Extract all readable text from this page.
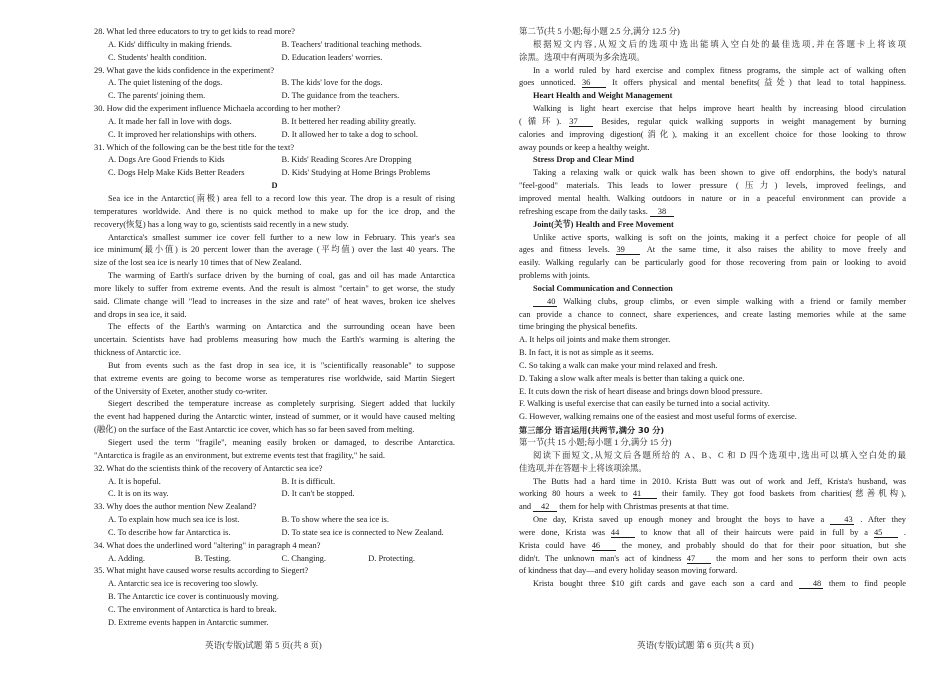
28. What led three educators to try to get kids to read more?
A. Kids' difficulty in making friends.	B. Teachers' traditional teaching methods.
C. Students' health condition.	D. Education leaders' worries.
29. What gave the kids confidence in the experiment?
A. The quiet listening of the dogs.	B. The kids' love for the dogs.
C. The parents' joining them.	D. The guidance from the teachers.
30. How did the experiment influence Michaela according to her mother?
A. It made her fall in love with dogs.	B. It bettered her reading ability greatly.
C. It improved her relationships with others.	D. It allowed her to take a dog to school.
31. Which of the following can be the best title for the text?
A. Dogs Are Good Friends to Kids	B. Kids' Reading Scores Are Dropping
C. Dogs Help Make Kids Better Readers	D. Kids' Studying at Home Brings Problems
D
Sea ice in the Antarctic(南极) area fell to a record low this year. The drop is a result of rising
temperatures worldwide. And there is no quick method to make up for the ice drop, and the
recovery(恢复) has a long way to go, scientists said recently in a new study.
Antarctica's smallest summer ice cover fell further to a new low in February. This year's sea
ice minimum(最小值) is 20 percent lower than the average (平均值) over the last 40 years. The
size of the lost sea ice is nearly 10 times that of New Zealand.
The warming of Earth's surface driven by the burning of coal, gas and oil has made Antarctica
more likely to suffer from extreme events. And the result is almost "certain" to get worse, the study
said. Climate change will "lead to increases in the size and rate" of heat waves, broken ice shelves
and drops in sea ice, it said.
The effects of the Earth's warming on Antarctica and the surrounding ocean have been
uncertain. Scientists have had problems measuring how much the Earth's warming is altering the
thickness of Antarctic ice.
But from events such as the fast drop in sea ice, it is "scientifically reasonable" to suppose
that extreme events are going to become worse as temperatures rise worldwide, said Martin Siegert
of the University of Exeter, another study co-writer.
Siegert described the temperature increase as completely surprising. Siegert added that luckily
the event had happened during the Antarctic winter, instead of summer, or it would have caused melting
(融化) on the surface of the East Antarctic ice cover, which has so far been saved from melting.
Siegert used the term "fragile", meaning easily broken or damaged, to describe Antarctica.
"Antarctica is fragile as an environment, but extreme events test that fragility," he said.
32. What do the scientists think of the recovery of Antarctic sea ice?
A. It is hopeful.	B. It is difficult.
C. It is on its way.	D. It can't be stopped.
33. Why does the author mention New Zealand?
A. To explain how much sea ice is lost.	B. To show where the sea ice is.
C. To describe how far Antarctica is.	D. To state sea ice is connected to New Zealand.
34. What does the underlined word "altering" in paragraph 4 mean?
A. Adding.	B. Testing.	C. Changing.	D. Protecting.
35. What might have caused worse results according to Siegert?
A. Antarctic sea ice is recovering too slowly.
B. The Antarctic ice cover is continuously moving.
C. The environment of Antarctica is hard to break.
D. Extreme events happen in Antarctic summer.
第二节(共 5 小题;每小题 2.5 分,满分 12.5 分)
根据短文内容,从短文后的选项中选出能填入空白处的最佳选项,并在答题卡上将该项
涂黑。选项中有两项为多余选项。
In a world ruled by hard exercise and complex fitness programs, the simple act of walking often
goes unnoticed. 36 It offers physical and mental benefits(益处) that lead to total happiness.
Heart Health and Weight Management
Walking is light heart exercise that helps improve heart health by increasing blood circulation
(循环). 37 Besides, regular quick walking supports in weight management by burning
calories and improving digestion(消化), making it an excellent choice for those looking to throw
away pounds or keep a healthy weight.
Stress Drop and Clear Mind
Taking a relaxing walk or quick walk has been shown to give off endorphins, the body's natural
"feel-good" materials. This leads to lower pressure (压力) levels, improved feelings, and
improved mental health. Walking outdoors in nature or in a peaceful environment can provide a
refreshing escape from the daily tasks. 38
Joint(关节) Health and Free Movement
Unlike active sports, walking is soft on the joints, making it a perfect choice for people of all
ages and fitness levels. 39 At the same time, it also raises the ability to move freely and
easily. Walking regularly can be particularly good for those recovering from pain or looking to avoid
problems with joints.
Social Communication and Connection
40 Walking clubs, group climbs, or even simple walking with a friend or family member
can provide a chance to connect, share experiences, and create lasting memories while at the same
time bringing the physical benefits.
A. It helps oil joints and make them stronger.
B. In fact, it is not as simple as it seems.
C. So taking a walk can make your mind relaxed and fresh.
D. Taking a slow walk after meals is better than taking a quick one.
E. It cuts down the risk of heart disease and brings down blood pressure.
F. Walking is useful exercise that can easily be turned into a social activity.
G. However, walking remains one of the easiest and most useful forms of exercise.
第三部分 语言运用(共两节,满分 30 分)
第一节(共 15 小题;每小题 1 分,满分 15 分)
阅读下面短文,从短文后各题所给的 A、B、C 和 D 四个选项中,选出可以填入空白处的最
佳选项,并在答题卡上将该项涂黑。
The Butts had a hard time in 2010. Krista Butt was out of work and Jeff, Krista's husband, was
working 80 hours a week to 41 their family. They got food baskets from charities(慈善机构),
and 42 them for help with Christmas presents at that time.
One day, Krista saved up enough money and brought the boys to have a 43 . After they
were done, Krista was 44 to know that all of their haircuts were paid in full by a 45 .
Krista could have 46 the money, and probably should do that for their poor situation, but she
didn't. The unknown man's act of kindness 47 the mom and her sons to perform their own acts
of kindness that day—and every holiday season moving forward.
Krista bought three $10 gift cards and gave each son a card and 48 them to find people
英语(专版)试题 第 5 页(共 8 页)	英语(专版)试题 第 6 页(共 8 页)
